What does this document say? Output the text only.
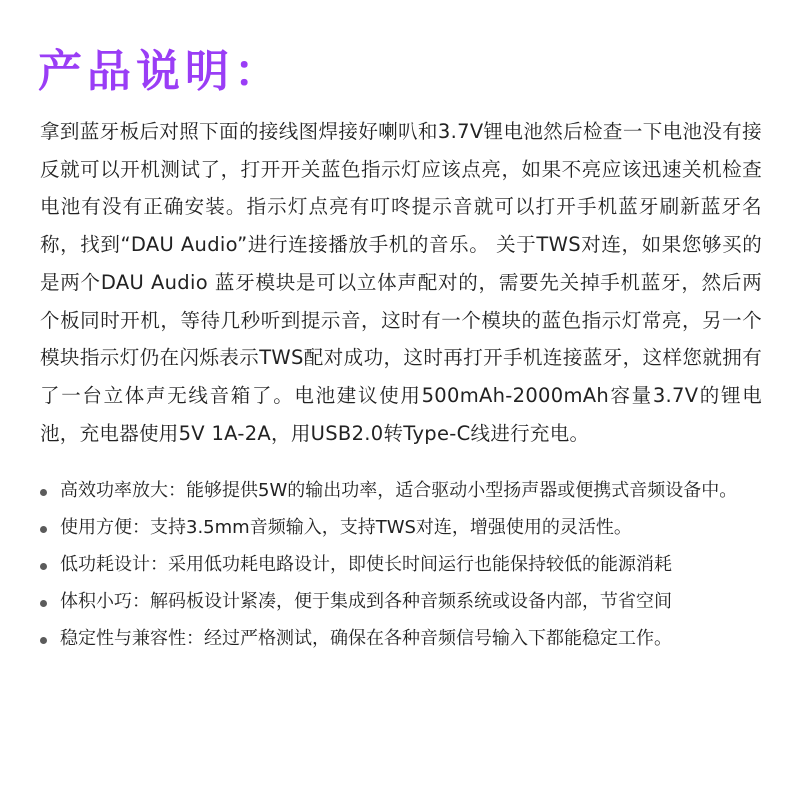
产品说明：

拿到蓝牙板后对照下面的接线图焊接好喇叭和3.7V锂电池然后检查一下电池没有接反就可以开机测试了，打开开关蓝色指示灯应该点亮，如果不亮应该迅速关机检查电池有没有正确安装。指示灯点亮有叮咚提示音就可以打开手机蓝牙刷新蓝牙名称，找到“DAU Audio”进行连接播放手机的音乐。 关于TWS对连，如果您够买的是两个DAU Audio 蓝牙模块是可以立体声配对的，需要先关掉手机蓝牙，然后两个板同时开机，等待几秒听到提示音，这时有一个模块的蓝色指示灯常亮，另一个模块指示灯仍在闪烁表示TWS配对成功，这时再打开手机连接蓝牙，这样您就拥有了一台立体声无线音箱了。电池建议使用500mAh-2000mAh容量3.7V的锂电池，充电器使用5V 1A-2A，用USB2.0转Type-C线进行充电。

高效功率放大：能够提供5W的输出功率，适合驱动小型扬声器或便携式音频设备中。
使用方便：支持3.5mm音频输入，支持TWS对连，增强使用的灵活性。
低功耗设计：采用低功耗电路设计，即使长时间运行也能保持较低的能源消耗
体积小巧：解码板设计紧凑，便于集成到各种音频系统或设备内部，节省空间
稳定性与兼容性：经过严格测试，确保在各种音频信号输入下都能稳定工作。
